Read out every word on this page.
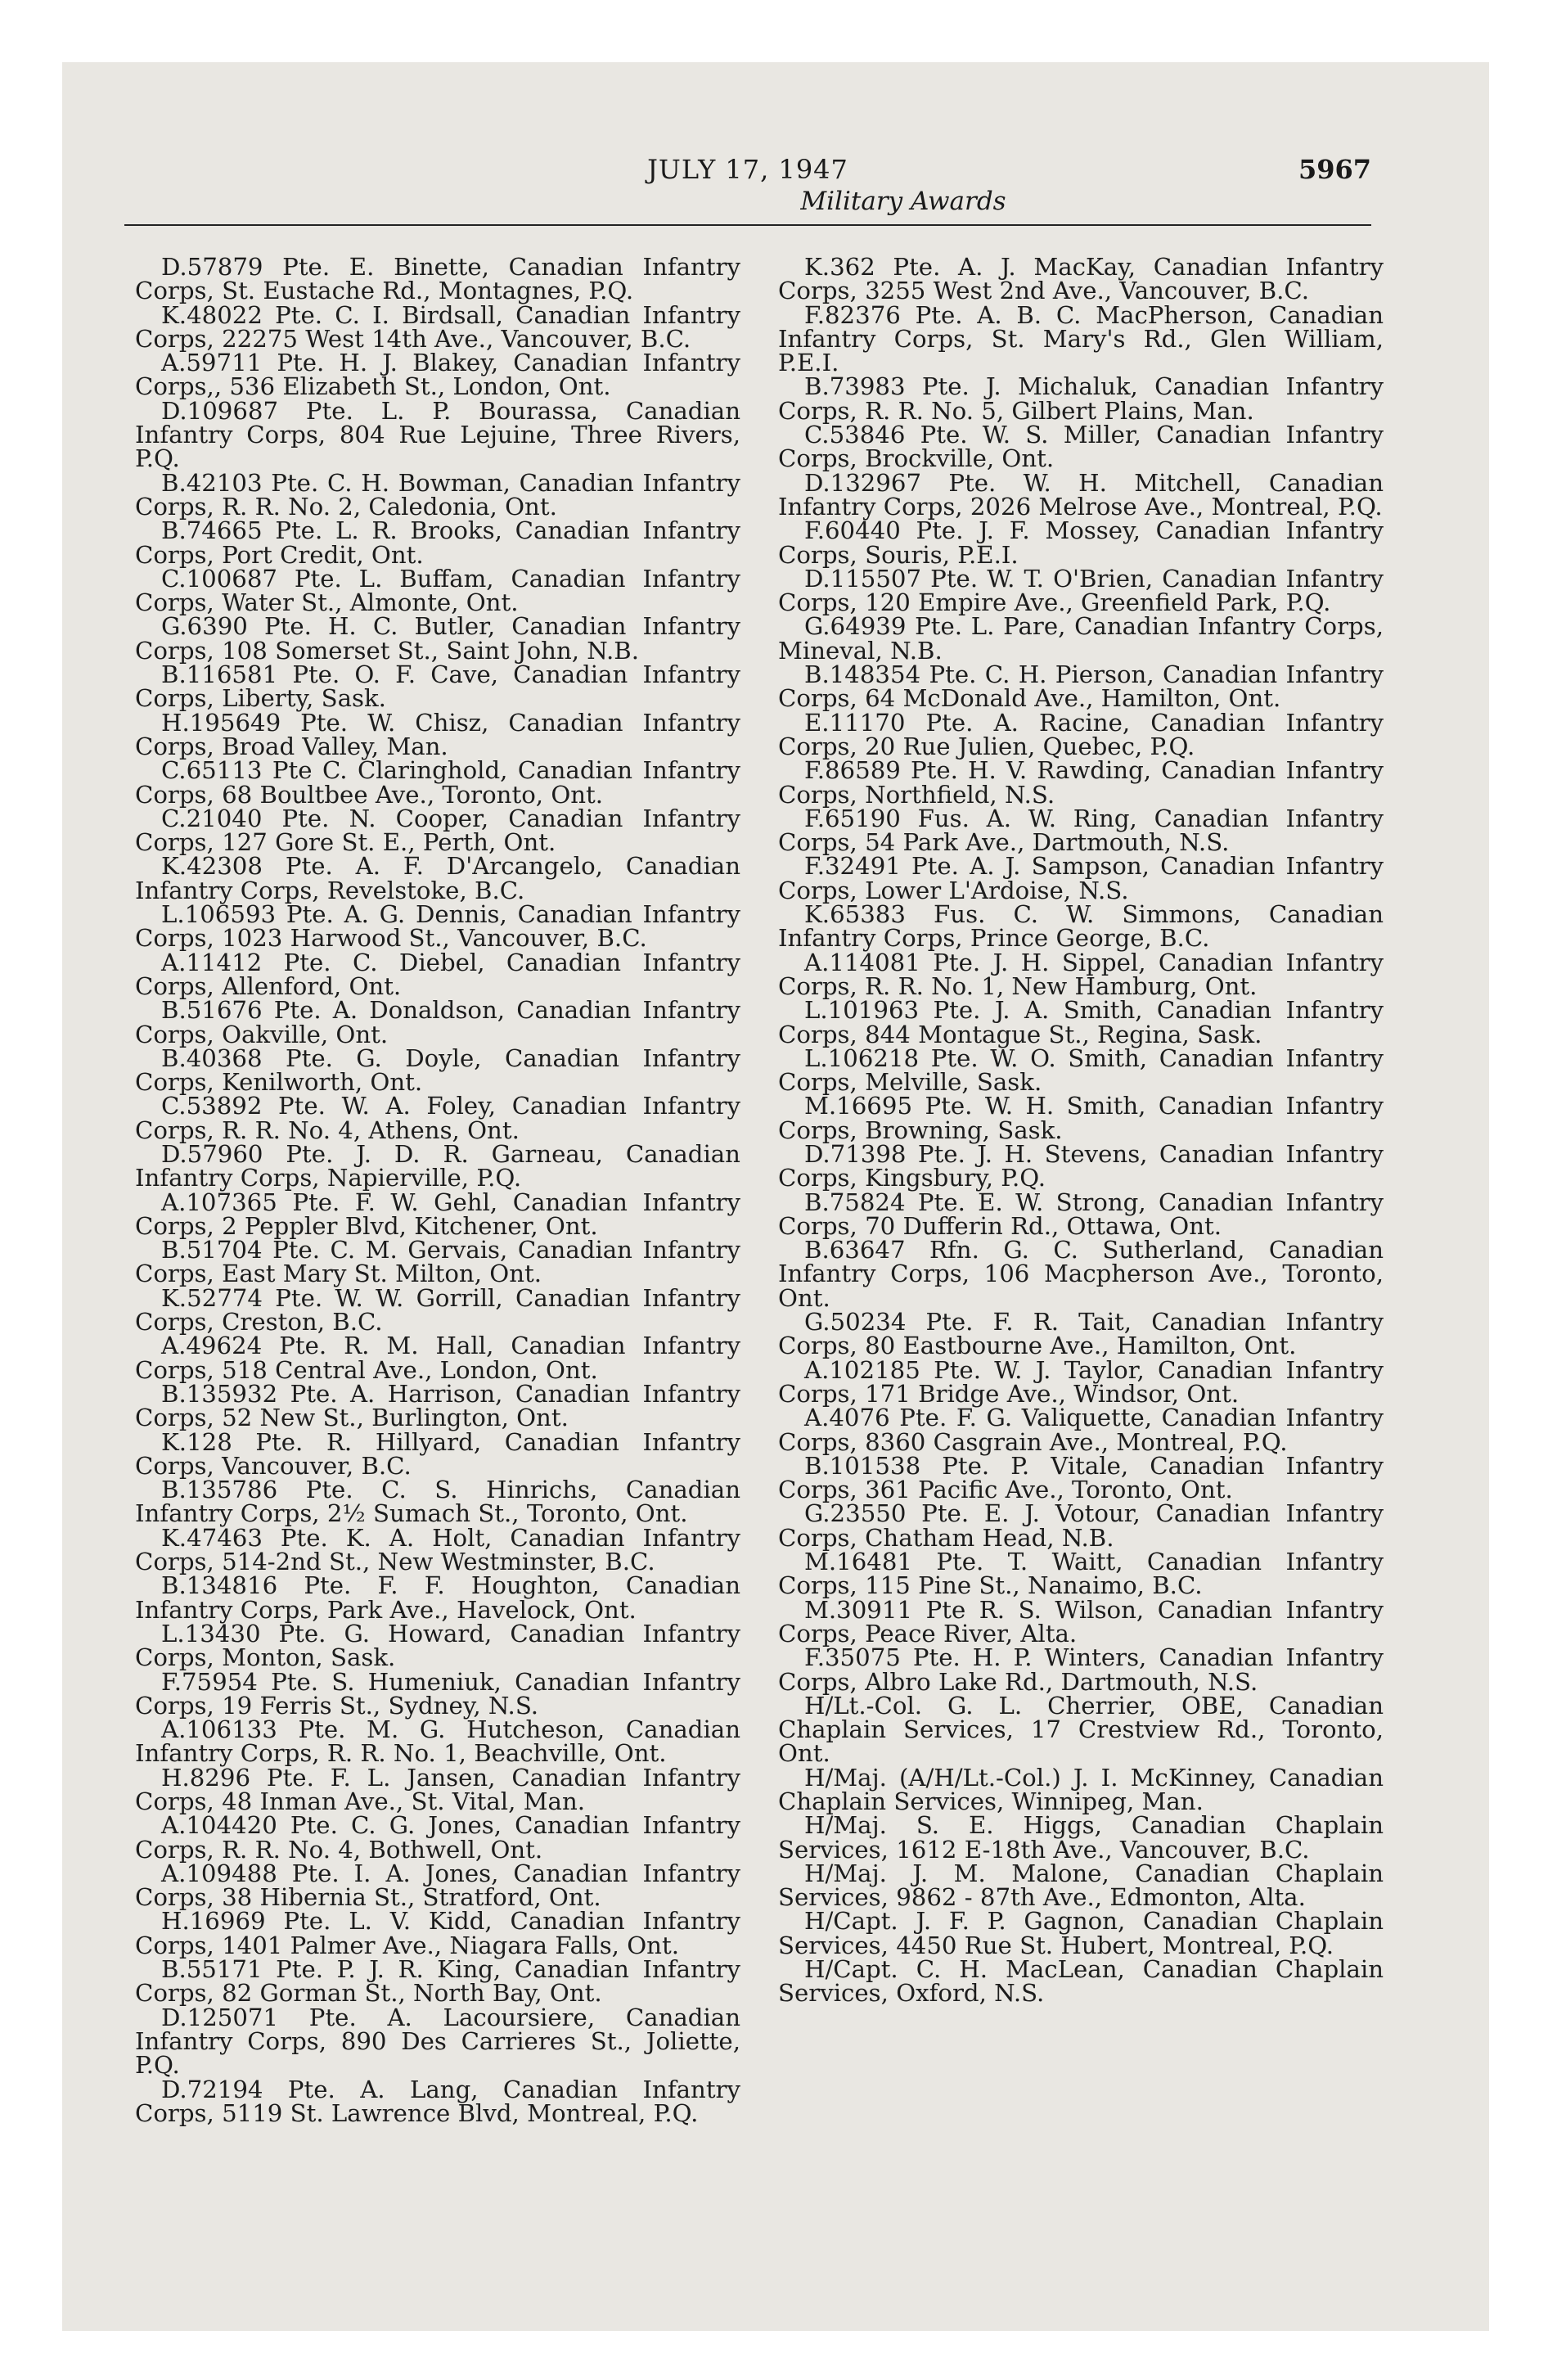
JULY 17, 1947	5967
Military Awards

D.57879 Pte. E. Binette, Canadian Infantry Corps, St. Eustache Rd., Montagnes, P.Q.

K.48022 Pte. C. I. Birdsall, Canadian Infantry Corps, 22275 West 14th Ave., Vancouver, B.C.

A.59711 Pte. H. J. Blakey, Canadian Infantry Corps,, 536 Elizabeth St., London, Ont.

D.109687 Pte. L. P. Bourassa, Canadian Infantry Corps, 804 Rue Lejuine, Three Rivers, P.Q.

B.42103 Pte. C. H. Bowman, Canadian Infantry Corps, R. R. No. 2, Caledonia, Ont.

B.74665 Pte. L. R. Brooks, Canadian Infantry Corps, Port Credit, Ont.

C.100687 Pte. L. Buffam, Canadian Infantry Corps, Water St., Almonte, Ont.

G.6390 Pte. H. C. Butler, Canadian Infantry Corps, 108 Somerset St., Saint John, N.B.

B.116581 Pte. O. F. Cave, Canadian Infantry Corps, Liberty, Sask.

H.195649 Pte. W. Chisz, Canadian Infantry Corps, Broad Valley, Man.

C.65113 Pte C. Claringhold, Canadian Infantry Corps, 68 Boultbee Ave., Toronto, Ont.

C.21040 Pte. N. Cooper, Canadian Infantry Corps, 127 Gore St. E., Perth, Ont.

K.42308 Pte. A. F. D'Arcangelo, Canadian Infantry Corps, Revelstoke, B.C.

L.106593 Pte. A. G. Dennis, Canadian Infantry Corps, 1023 Harwood St., Vancouver, B.C.

A.11412 Pte. C. Diebel, Canadian Infantry Corps, Allenford, Ont.

B.51676 Pte. A. Donaldson, Canadian Infantry Corps, Oakville, Ont.

B.40368 Pte. G. Doyle, Canadian Infantry Corps, Kenilworth, Ont.

C.53892 Pte. W. A. Foley, Canadian Infantry Corps, R. R. No. 4, Athens, Ont.

D.57960 Pte. J. D. R. Garneau, Canadian Infantry Corps, Napierville, P.Q.

A.107365 Pte. F. W. Gehl, Canadian Infantry Corps, 2 Peppler Blvd, Kitchener, Ont.

B.51704 Pte. C. M. Gervais, Canadian Infantry Corps, East Mary St. Milton, Ont.

K.52774 Pte. W. W. Gorrill, Canadian Infantry Corps, Creston, B.C.

A.49624 Pte. R. M. Hall, Canadian Infantry Corps, 518 Central Ave., London, Ont.

B.135932 Pte. A. Harrison, Canadian Infantry Corps, 52 New St., Burlington, Ont.

K.128 Pte. R. Hillyard, Canadian Infantry Corps, Vancouver, B.C.

B.135786 Pte. C. S. Hinrichs, Canadian Infantry Corps, 2½ Sumach St., Toronto, Ont.

K.47463 Pte. K. A. Holt, Canadian Infantry Corps, 514-2nd St., New Westminster, B.C.

B.134816 Pte. F. F. Houghton, Canadian Infantry Corps, Park Ave., Havelock, Ont.

L.13430 Pte. G. Howard, Canadian Infantry Corps, Monton, Sask.

F.75954 Pte. S. Humeniuk, Canadian Infantry Corps, 19 Ferris St., Sydney, N.S.

A.106133 Pte. M. G. Hutcheson, Canadian Infantry Corps, R. R. No. 1, Beachville, Ont.

H.8296 Pte. F. L. Jansen, Canadian Infantry Corps, 48 Inman Ave., St. Vital, Man.

A.104420 Pte. C. G. Jones, Canadian Infantry Corps, R. R. No. 4, Bothwell, Ont.

A.109488 Pte. I. A. Jones, Canadian Infantry Corps, 38 Hibernia St., Stratford, Ont.

H.16969 Pte. L. V. Kidd, Canadian Infantry Corps, 1401 Palmer Ave., Niagara Falls, Ont.

B.55171 Pte. P. J. R. King, Canadian Infantry Corps, 82 Gorman St., North Bay, Ont.

D.125071 Pte. A. Lacoursiere, Canadian Infantry Corps, 890 Des Carrieres St., Joliette, P.Q.

D.72194 Pte. A. Lang, Canadian Infantry Corps, 5119 St. Lawrence Blvd, Montreal, P.Q.

K.362 Pte. A. J. MacKay, Canadian Infantry Corps, 3255 West 2nd Ave., Vancouver, B.C.

F.82376 Pte. A. B. C. MacPherson, Canadian Infantry Corps, St. Mary's Rd., Glen William, P.E.I.

B.73983 Pte. J. Michaluk, Canadian Infantry Corps, R. R. No. 5, Gilbert Plains, Man.

C.53846 Pte. W. S. Miller, Canadian Infantry Corps, Brockville, Ont.

D.132967 Pte. W. H. Mitchell, Canadian Infantry Corps, 2026 Melrose Ave., Montreal, P.Q.

F.60440 Pte. J. F. Mossey, Canadian Infantry Corps, Souris, P.E.I.

D.115507 Pte. W. T. O'Brien, Canadian Infantry Corps, 120 Empire Ave., Greenfield Park, P.Q.

G.64939 Pte. L. Pare, Canadian Infantry Corps, Mineval, N.B.

B.148354 Pte. C. H. Pierson, Canadian Infantry Corps, 64 McDonald Ave., Hamilton, Ont.

E.11170 Pte. A. Racine, Canadian Infantry Corps, 20 Rue Julien, Quebec, P.Q.

F.86589 Pte. H. V. Rawding, Canadian Infantry Corps, Northfield, N.S.

F.65190 Fus. A. W. Ring, Canadian Infantry Corps, 54 Park Ave., Dartmouth, N.S.

F.32491 Pte. A. J. Sampson, Canadian Infantry Corps, Lower L'Ardoise, N.S.

K.65383 Fus. C. W. Simmons, Canadian Infantry Corps, Prince George, B.C.

A.114081 Pte. J. H. Sippel, Canadian Infantry Corps, R. R. No. 1, New Hamburg, Ont.

L.101963 Pte. J. A. Smith, Canadian Infantry Corps, 844 Montague St., Regina, Sask.

L.106218 Pte. W. O. Smith, Canadian Infantry Corps, Melville, Sask.

M.16695 Pte. W. H. Smith, Canadian Infantry Corps, Browning, Sask.

D.71398 Pte. J. H. Stevens, Canadian Infantry Corps, Kingsbury, P.Q.

B.75824 Pte. E. W. Strong, Canadian Infantry Corps, 70 Dufferin Rd., Ottawa, Ont.

B.63647 Rfn. G. C. Sutherland, Canadian Infantry Corps, 106 Macpherson Ave., Toronto, Ont.

G.50234 Pte. F. R. Tait, Canadian Infantry Corps, 80 Eastbourne Ave., Hamilton, Ont.

A.102185 Pte. W. J. Taylor, Canadian Infantry Corps, 171 Bridge Ave., Windsor, Ont.

A.4076 Pte. F. G. Valiquette, Canadian Infantry Corps, 8360 Casgrain Ave., Montreal, P.Q.

B.101538 Pte. P. Vitale, Canadian Infantry Corps, 361 Pacific Ave., Toronto, Ont.

G.23550 Pte. E. J. Votour, Canadian Infantry Corps, Chatham Head, N.B.

M.16481 Pte. T. Waitt, Canadian Infantry Corps, 115 Pine St., Nanaimo, B.C.

M.30911 Pte R. S. Wilson, Canadian Infantry Corps, Peace River, Alta.

F.35075 Pte. H. P. Winters, Canadian Infantry Corps, Albro Lake Rd., Dartmouth, N.S.

H/Lt.-Col. G. L. Cherrier, OBE, Canadian Chaplain Services, 17 Crestview Rd., Toronto, Ont.

H/Maj. (A/H/Lt.-Col.) J. I. McKinney, Canadian Chaplain Services, Winnipeg, Man.

H/Maj. S. E. Higgs, Canadian Chaplain Services, 1612 E-18th Ave., Vancouver, B.C.

H/Maj. J. M. Malone, Canadian Chaplain Services, 9862 - 87th Ave., Edmonton, Alta.

H/Capt. J. F. P. Gagnon, Canadian Chaplain Services, 4450 Rue St. Hubert, Montreal, P.Q.

H/Capt. C. H. MacLean, Canadian Chaplain Services, Oxford, N.S.
